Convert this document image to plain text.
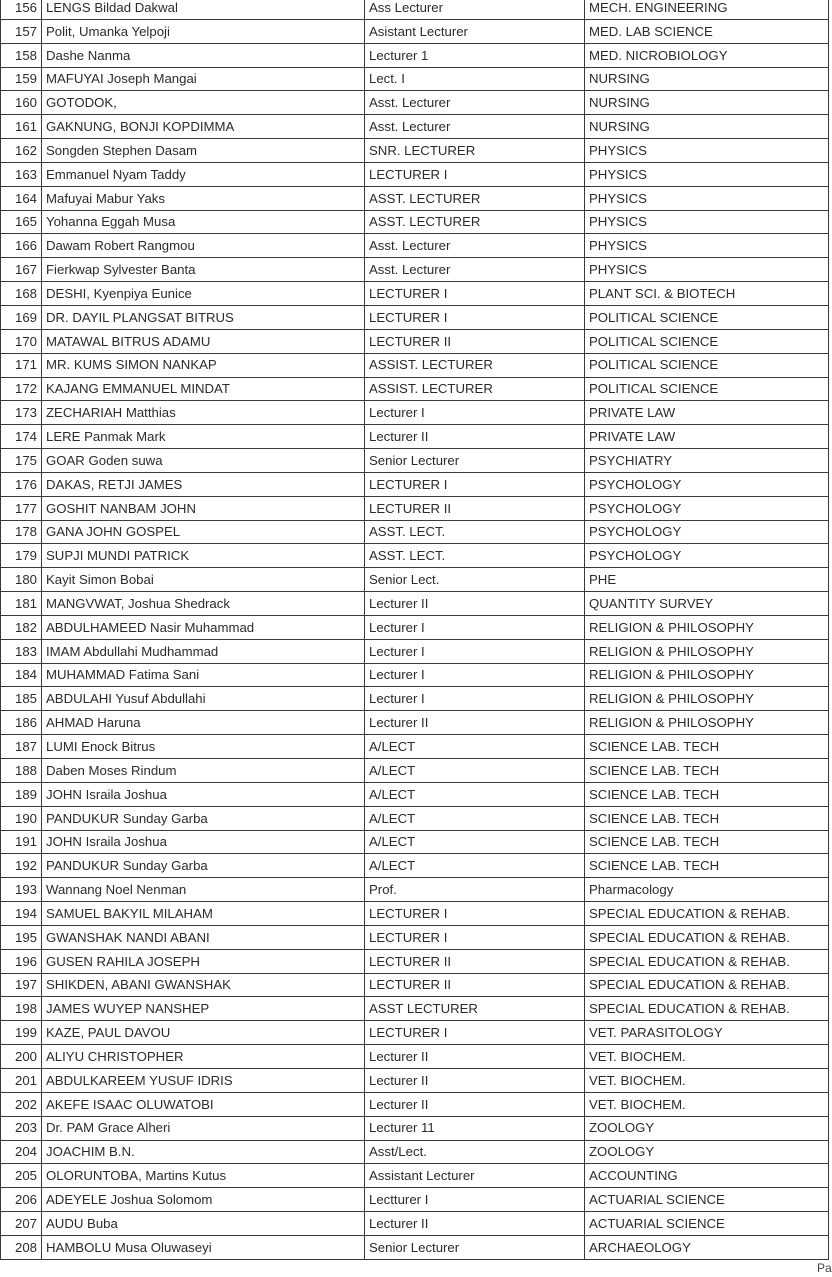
156	LENGS Bildad Dakwal	Ass Lecturer	MECH. ENGINEERING
157	Polit, Umanka Yelpoji	Asistant Lecturer	MED. LAB SCIENCE
158	Dashe Nanma	Lecturer 1	MED. NICROBIOLOGY
159	MAFUYAI Joseph Mangai	Lect. I	NURSING
160	GOTODOK,	Asst. Lecturer	NURSING
161	GAKNUNG, BONJI KOPDIMMA	Asst. Lecturer	NURSING
162	Songden Stephen Dasam	SNR. LECTURER	PHYSICS
163	Emmanuel Nyam Taddy	LECTURER I	PHYSICS
164	Mafuyai Mabur Yaks	ASST. LECTURER	PHYSICS
165	Yohanna Eggah Musa	ASST. LECTURER	PHYSICS
166	Dawam Robert Rangmou	Asst. Lecturer	PHYSICS
167	Fierkwap Sylvester Banta	Asst. Lecturer	PHYSICS
168	DESHI, Kyenpiya Eunice	LECTURER I	PLANT SCI. & BIOTECH
169	DR. DAYIL PLANGSAT BITRUS	LECTURER I	POLITICAL SCIENCE
170	MATAWAL BITRUS ADAMU	LECTURER II	POLITICAL SCIENCE
171	MR. KUMS SIMON NANKAP	ASSIST. LECTURER	POLITICAL SCIENCE
172	KAJANG EMMANUEL MINDAT	ASSIST. LECTURER	POLITICAL SCIENCE
173	ZECHARIAH Matthias	Lecturer I	PRIVATE LAW
174	LERE Panmak Mark	Lecturer II	PRIVATE LAW
175	GOAR Goden suwa	Senior Lecturer	PSYCHIATRY
176	DAKAS, RETJI JAMES	LECTURER I	PSYCHOLOGY
177	GOSHIT NANBAM JOHN	LECTURER II	PSYCHOLOGY
178	GANA JOHN GOSPEL	ASST. LECT.	PSYCHOLOGY
179	SUPJI MUNDI PATRICK	ASST. LECT.	PSYCHOLOGY
180	Kayit Simon Bobai	Senior Lect.	PHE
181	MANGVWAT, Joshua Shedrack	Lecturer II	QUANTITY SURVEY
182	ABDULHAMEED Nasir Muhammad	Lecturer I	RELIGION & PHILOSOPHY
183	IMAM Abdullahi Mudhammad	Lecturer I	RELIGION & PHILOSOPHY
184	MUHAMMAD Fatima Sani	Lecturer I	RELIGION & PHILOSOPHY
185	ABDULAHI Yusuf Abdullahi	Lecturer I	RELIGION & PHILOSOPHY
186	AHMAD Haruna	Lecturer II	RELIGION & PHILOSOPHY
187	LUMI Enock Bitrus	A/LECT	SCIENCE LAB. TECH
188	Daben Moses Rindum	A/LECT	SCIENCE LAB. TECH
189	JOHN Israila Joshua	A/LECT	SCIENCE LAB. TECH
190	PANDUKUR Sunday Garba	A/LECT	SCIENCE LAB. TECH
191	JOHN Israila Joshua	A/LECT	SCIENCE LAB. TECH
192	PANDUKUR Sunday Garba	A/LECT	SCIENCE LAB. TECH
193	Wannang Noel Nenman	Prof.	Pharmacology
194	SAMUEL BAKYIL MILAHAM	LECTURER I	SPECIAL EDUCATION & REHAB.
195	GWANSHAK NANDI ABANI	LECTURER I	SPECIAL EDUCATION & REHAB.
196	GUSEN RAHILA JOSEPH	LECTURER II	SPECIAL EDUCATION & REHAB.
197	SHIKDEN, ABANI GWANSHAK	LECTURER II	SPECIAL EDUCATION & REHAB.
198	JAMES WUYEP NANSHEP	ASST LECTURER	SPECIAL EDUCATION & REHAB.
199	KAZE, PAUL DAVOU	LECTURER I	VET. PARASITOLOGY
200	ALIYU CHRISTOPHER	Lecturer II	VET. BIOCHEM.
201	ABDULKAREEM YUSUF IDRIS	Lecturer II	VET. BIOCHEM.
202	AKEFE ISAAC OLUWATOBI	Lecturer II	VET. BIOCHEM.
203	Dr. PAM Grace Alheri	Lecturer 11	ZOOLOGY
204	JOACHIM B.N.	Asst/Lect.	ZOOLOGY
205	OLORUNTOBA, Martins Kutus	Assistant Lecturer	ACCOUNTING
206	ADEYELE Joshua Solomom	Lectturer I	ACTUARIAL SCIENCE
207	AUDU Buba	Lecturer II	ACTUARIAL SCIENCE
208	HAMBOLU Musa Oluwaseyi	Senior Lecturer	ARCHAEOLOGY
Pa
